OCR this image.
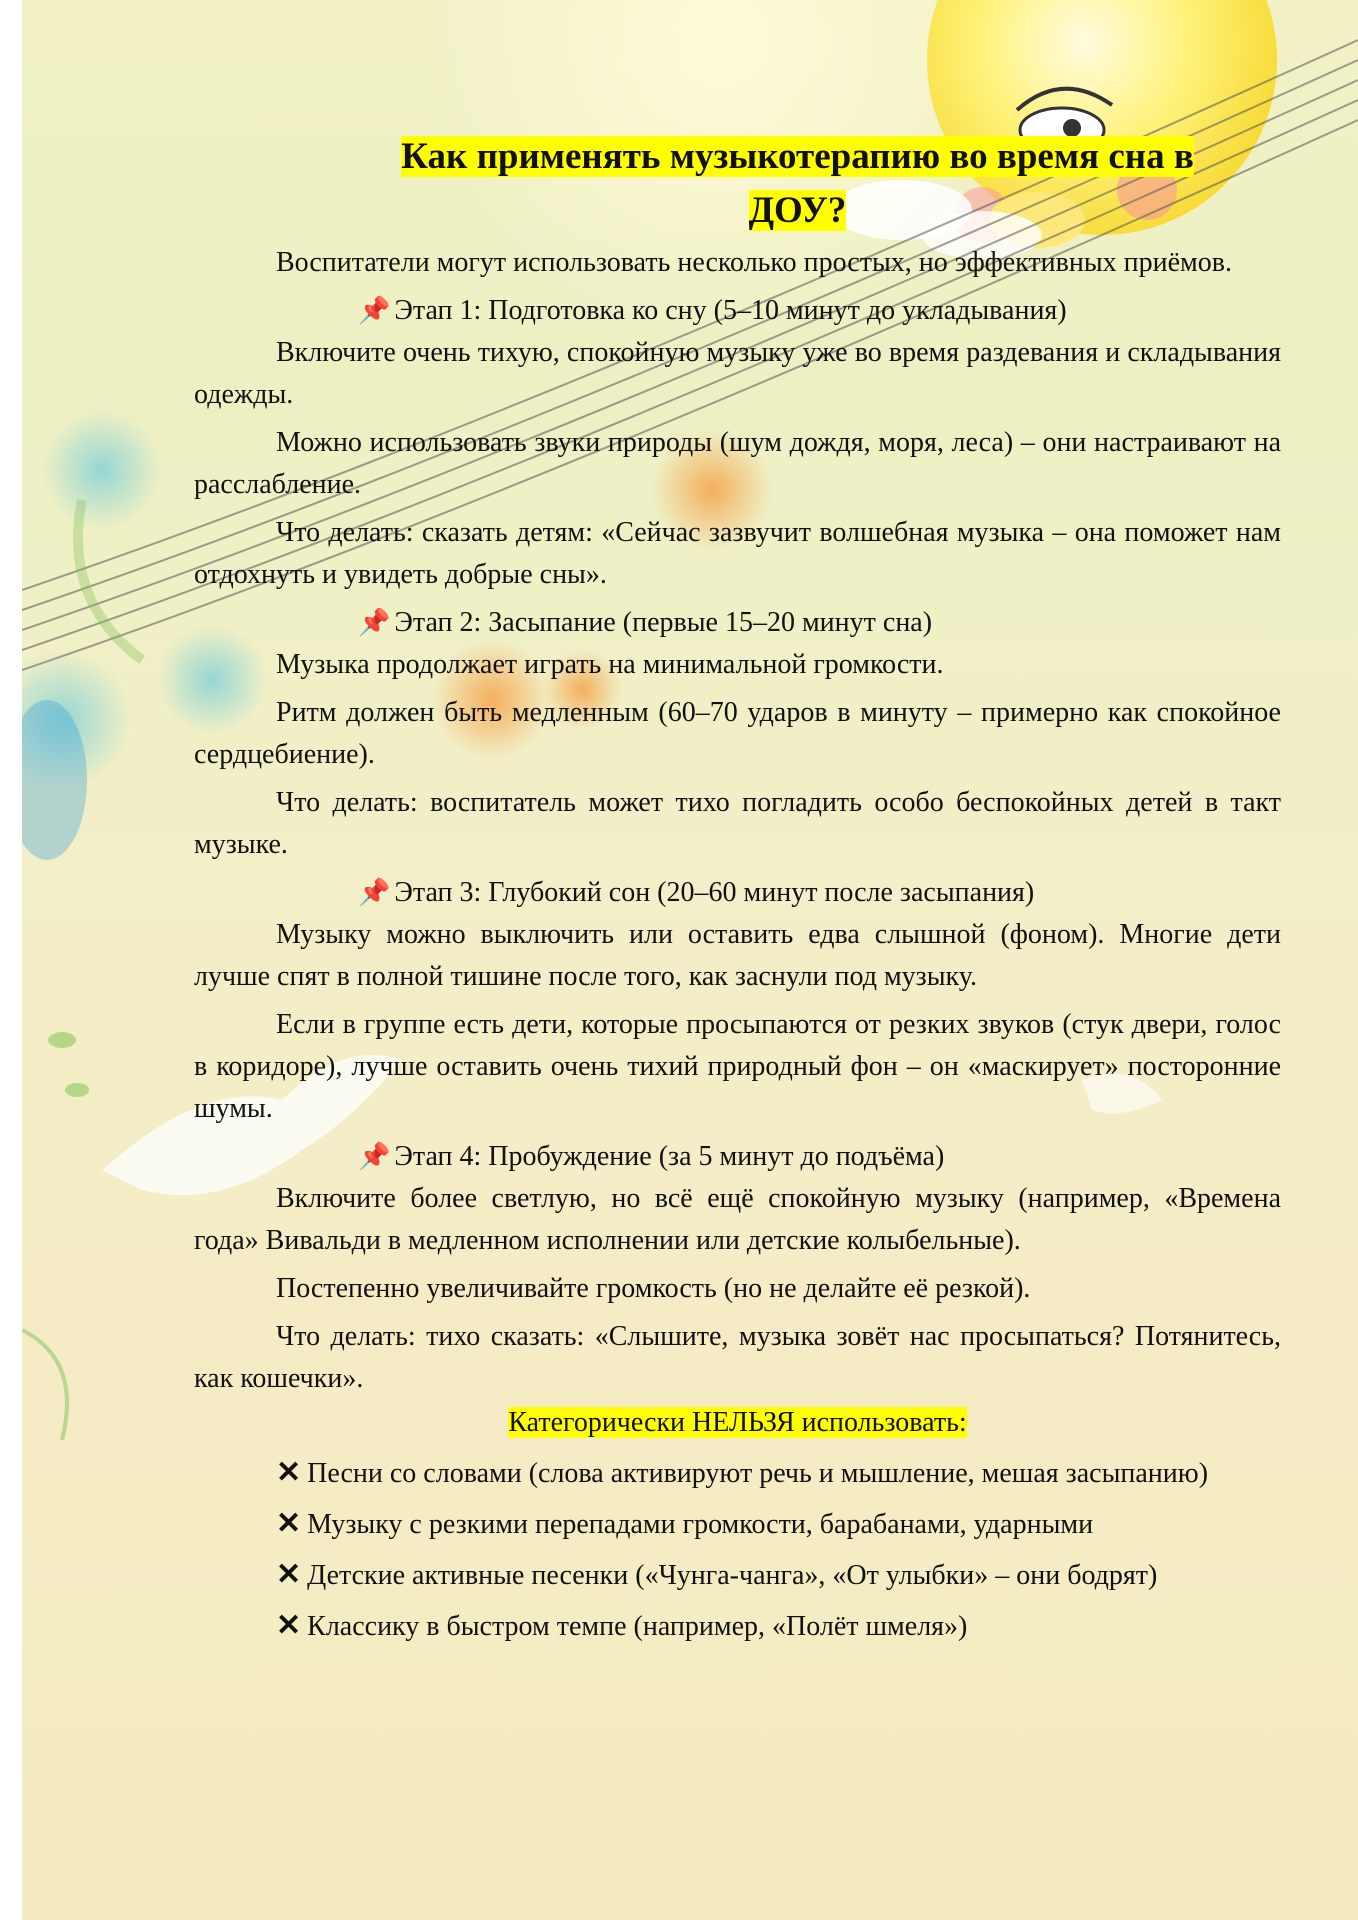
Как применять музыкотерапию во время сна в
ДОУ?

Воспитатели могут использовать несколько простых, но эффективных приёмов.

📌 Этап 1: Подготовка ко сну (5–10 минут до укладывания)

Включите очень тихую, спокойную музыку уже во время раздевания и складывания одежды.

Можно использовать звуки природы (шум дождя, моря, леса) – они настраивают на расслабление.

Что делать: сказать детям: «Сейчас зазвучит волшебная музыка – она поможет нам отдохнуть и увидеть добрые сны».

📌 Этап 2: Засыпание (первые 15–20 минут сна)

Музыка продолжает играть на минимальной громкости.

Ритм должен быть медленным (60–70 ударов в минуту – примерно как спокойное сердцебиение).

Что делать: воспитатель может тихо погладить особо беспокойных детей в такт музыке.

📌 Этап 3: Глубокий сон (20–60 минут после засыпания)

Музыку можно выключить или оставить едва слышной (фоном). Многие дети лучше спят в полной тишине после того, как заснули под музыку.

Если в группе есть дети, которые просыпаются от резких звуков (стук двери, голос в коридоре), лучше оставить очень тихий природный фон – он «маскирует» посторонние шумы.

📌 Этап 4: Пробуждение (за 5 минут до подъёма)

Включите более светлую, но всё ещё спокойную музыку (например, «Времена года» Вивальди в медленном исполнении или детские колыбельные).

Постепенно увеличивайте громкость (но не делайте её резкой).

Что делать: тихо сказать: «Слышите, музыка зовёт нас просыпаться? Потянитесь, как кошечки».

Категорически НЕЛЬЗЯ использовать:

✕ Песни со словами (слова активируют речь и мышление, мешая засыпанию)

✕ Музыку с резкими перепадами громкости, барабанами, ударными

✕ Детские активные песенки («Чунга-чанга», «От улыбки» – они бодрят)

✕ Классику в быстром темпе (например, «Полёт шмеля»)
